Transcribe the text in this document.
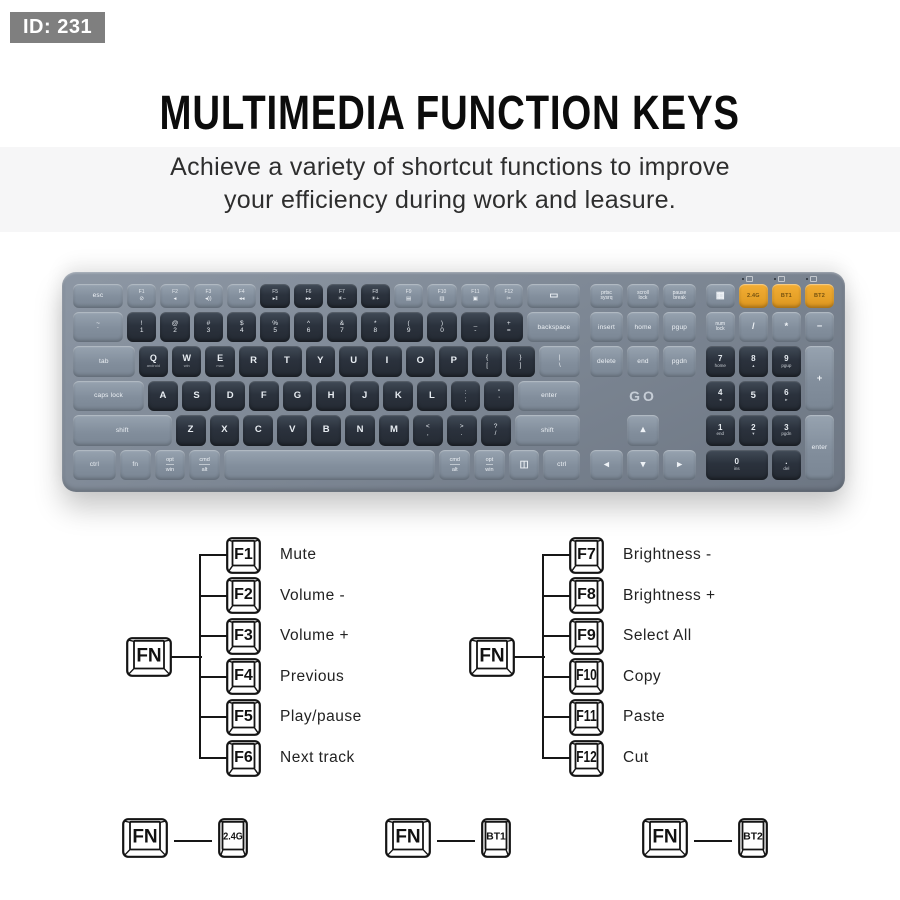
ID: 231
MULTIMEDIA FUNCTION KEYS
Achieve a variety of shortcut functions to improve
your efficiency during work and leasure.
esc
F1
⊘
F2
◂
F3
◂))
F4
◂◂
F5
▸‖
F6
▸▸
F7
☀−
F8
☀+
F9
▤
F10
▥
F11
▣
F12
✂	▭
~
`
!
1
@
2
#
3
$
4
%
5
^
6
&
7
*
8
(
9
)
0
_
-
+
=
backspace
tab	Q
android
W
win
E
mac	R	T	Y	U	I	O	P	{
[
}
]
|
\
caps lock	A	S	D	F	G	H	J	K	L	:
;
"
'
enter
shift	Z	X	C	V	B	N	M	<
,
>
.
?
/
shift
ctrl	fn
opt
win
cmd
alt
cmd
alt
opt
win
◫	ctrl
prtsc
sysrq
scroll
lock
pause
break
insert	home	pgup
delete	end	pgdn
GO
▴
◂	▾	▸
▦	2.4G	BT1	BT2
num
lock	/	*	−
7
home
8
▴
9
pgup
+
4
◂	5	6
▸
1
end
2
▾
3
pgdn
enter
0
ins
.
del
FN
F1 Mute
F2 Volume -
F3 Volume +
F4 Previous
F5 Play/pause
F6 Next track
FN
F7 Brightness -
F8 Brightness +
F9 Select All
F10 Copy
F11 Paste
F12 Cut
FN	2.4G	FN	BT1	FN	BT2
